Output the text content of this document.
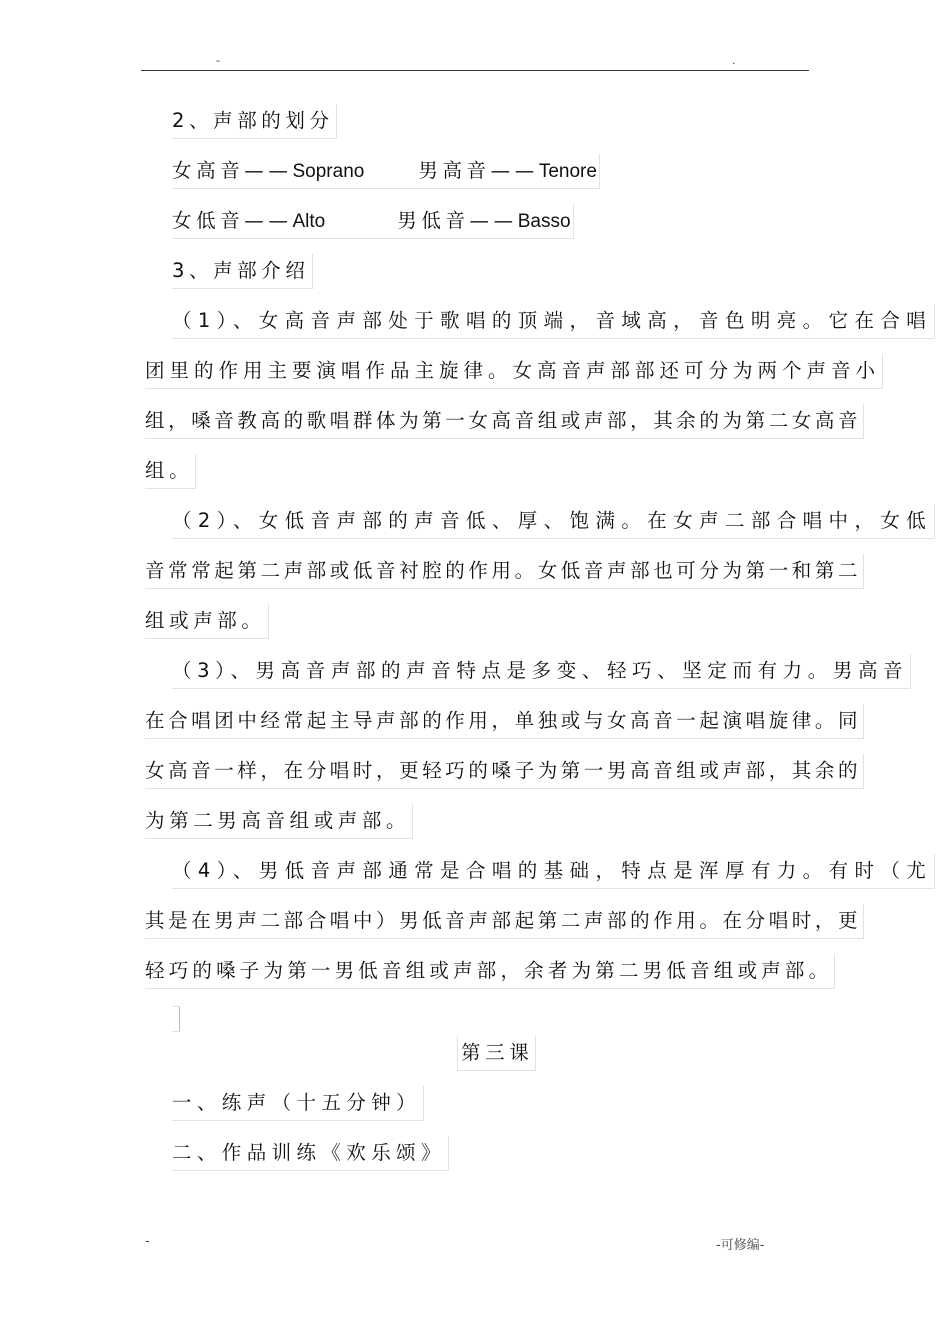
-	.
2、声部的划分
女高音——Soprano	男高音——Tenore
女低音——Alto	男低音——Basso
3、声部介绍
（1）、女高音声部处于歌唱的顶端，音域高，音色明亮。它在合唱
团里的作用主要演唱作品主旋律。女高音声部部还可分为两个声音小
组，嗓音教高的歌唱群体为第一女高音组或声部，其余的为第二女高音
组。
（2）、女低音声部的声音低、厚、饱满。在女声二部合唱中，女低
音常常起第二声部或低音衬腔的作用。女低音声部也可分为第一和第二
组或声部。
（3）、男高音声部的声音特点是多变、轻巧、坚定而有力。男高音
在合唱团中经常起主导声部的作用，单独或与女高音一起演唱旋律。同
女高音一样，在分唱时，更轻巧的嗓子为第一男高音组或声部，其余的
为第二男高音组或声部。
（4）、男低音声部通常是合唱的基础，特点是浑厚有力。有时（尤
其是在男声二部合唱中）男低音声部起第二声部的作用。在分唱时，更
轻巧的嗓子为第一男低音组或声部，余者为第二男低音组或声部。
第三课
一、练声（十五分钟）
二、作品训练《欢乐颂》
-	-可修编-
